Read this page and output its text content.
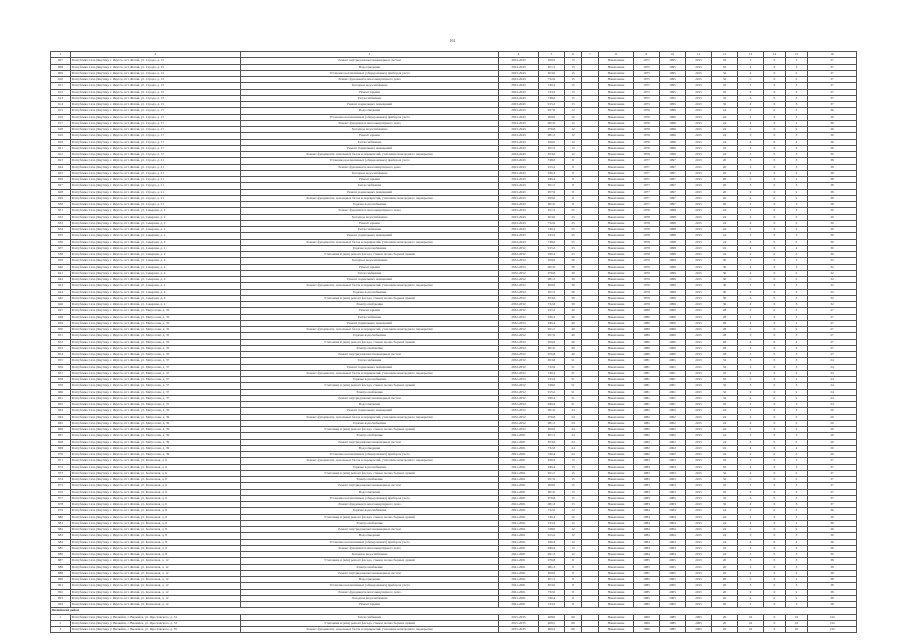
161
1	2	3	4	5	6	7	8	9	10	11	12	13	14	15	16
607	Республика Саха (Якутия), г. Якутск, пгт. Жатай, ул. Строда, д. 15	Ремонт внутридомовых инженерных систем	2023-2043	650,0	15		Накопление	1975	1995	2015	32	3	0	3	37
608	Республика Саха (Якутия), г. Якутск, пгт. Жатай, ул. Строда, д. 15	Водоотведение	2023-2043	651,5	15		Накопление	1975	1995	2015	32	2	0	3	37
609	Республика Саха (Якутия), г. Якутск, пгт. Жатай, ул. Строда, д. 15	Установка коллективных (общедомовых) приборов учета	2023-2043	653,0	15		Накопление	1975	1995	2015	32	4	0	2	37
610	Республика Саха (Якутия), г. Якутск, пгт. Жатай, ул. Строда, д. 15	Ремонт фундамента многоквартирного дома	2023-2043	732,6	15		Накопление	1975	1995	2015	32	5	0	2	37
611	Республика Саха (Якутия), г. Якутск, пгт. Жатай, ул. Строда, д. 15	Холодное водоснабжение	2023-2043	740,4	15		Накопление	1975	1995	2015	32	3	0	3	37
612	Республика Саха (Якутия), г. Якутск, пгт. Жатай, ул. Строда, д. 15	Ремонт крыши	2023-2043	743,2	15		Накопление	1975	1995	2015	32	6	0	2	37
613	Республика Саха (Якутия), г. Якутск, пгт. Жатай, ул. Строда, д. 15	Теплоснабжение	2023-2043	748,0	15		Накопление	1975	1995	2015	32	4	0	2	37
614	Республика Саха (Якутия), г. Якутск, пгт. Жатай, ул. Строда, д. 15	Ремонт подвальных помещений	2023-2043	915,2	15		Накопление	1975	1995	2015	32	2	0	3	37
615	Республика Саха (Якутия), г. Якутск, пгт. Жатай, ул. Строда, д. 17	Водоотведение	2023-2043	957,0	12		Накопление	1976	1996	2015	24	3	0	3	36
616	Республика Саха (Якутия), г. Якутск, пгт. Жатай, ул. Строда, д. 17	Установка коллективных (общедомовых) приборов учета	2023-2043	959,0	12		Накопление	1976	1996	2015	24	2	0	3	36
617	Республика Саха (Якутия), г. Якутск, пгт. Жатай, ул. Строда, д. 17	Ремонт фундамента многоквартирного дома	2023-2043	961,0	12		Накопление	1976	1996	2015	24	4	0	2	36
618	Республика Саха (Якутия), г. Якутск, пгт. Жатай, ул. Строда, д. 17	Холодное водоснабжение	2023-2043	976,8	12		Накопление	1976	1996	2015	24	5	0	2	36
619	Республика Саха (Якутия), г. Якутск, пгт. Жатай, ул. Строда, д. 17	Ремонт крыши	2023-2043	981,3	12		Накопление	1976	1996	2015	24	3	0	3	36
620	Республика Саха (Якутия), г. Якутск, пгт. Жатай, ул. Строда, д. 17	Теплоснабжение	2023-2043	650,0	12		Накопление	1976	1996	2015	24	6	0	2	36
621	Республика Саха (Якутия), г. Якутск, пгт. Жатай, ул. Строда, д. 17	Ремонт подвальных помещений	2023-2043	651,5	12		Накопление	1976	1996	2015	24	4	0	2	36
622	Республика Саха (Якутия), г. Якутск, пгт. Жатай, ул. Строда, д. 17	Ремонт фундамента, цокольных балок и перекрытий, утепление мансардного перекрытия	2023-2043	653,0	12		Накопление	1976	1996	2015	24	2	0	3	36
623	Республика Саха (Якутия), г. Якутск, пгт. Жатай, ул. Строда, д. 21	Установка коллективных (общедомовых) приборов учета	2023-2043	748,0	8		Накопление	1977	1997	2015	20	3	0	3	38
624	Республика Саха (Якутия), г. Якутск, пгт. Жатай, ул. Строда, д. 21	Ремонт фундамента многоквартирного дома	2023-2043	915,2	8		Накопление	1977	1997	2015	20	2	0	3	38
625	Республика Саха (Якутия), г. Якутск, пгт. Жатай, ул. Строда, д. 21	Холодное водоснабжение	2023-2043	936,3	8		Накопление	1977	1997	2015	20	4	0	2	38
626	Республика Саха (Якутия), г. Якутск, пгт. Жатай, ул. Строда, д. 21	Ремонт крыши	2023-2043	949,4	8		Накопление	1977	1997	2015	20	5	0	2	38
627	Республика Саха (Якутия), г. Якутск, пгт. Жатай, ул. Строда, д. 21	Теплоснабжение	2023-2043	951,5	8		Накопление	1977	1997	2015	20	3	0	3	38
628	Республика Саха (Якутия), г. Якутск, пгт. Жатай, ул. Строда, д. 21	Ремонт подвальных помещений	2023-2043	957,0	8		Накопление	1977	1997	2015	20	6	0	2	38
629	Республика Саха (Якутия), г. Якутск, пгт. Жатай, ул. Строда, д. 21	Ремонт фундамента, цокольных балок и перекрытий, утепление мансардного перекрытия	2023-2043	959,0	8		Накопление	1977	1997	2015	20	4	0	2	38
630	Республика Саха (Якутия), г. Якутск, пгт. Жатай, ул. Строда, д. 21	Горячее водоснабжение	2023-2043	961,0	8		Накопление	1977	1997	2015	20	2	0	3	38
631	Республика Саха (Якутия), г. Якутск, пгт. Жатай, ул. Северная, д. 2	Ремонт фундамента многоквартирного дома	2023-2043	651,5	25		Накопление	1978	1998	2015	24	3	0	3	30
632	Республика Саха (Якутия), г. Якутск, пгт. Жатай, ул. Северная, д. 2	Холодное водоснабжение	2023-2043	653,0	25		Накопление	1978	1998	2015	24	2	0	3	30
633	Республика Саха (Якутия), г. Якутск, пгт. Жатай, ул. Северная, д. 2	Ремонт крыши	2023-2043	732,6	25		Накопление	1978	1998	2015	24	4	0	2	30
634	Республика Саха (Якутия), г. Якутск, пгт. Жатай, ул. Северная, д. 2	Теплоснабжение	2023-2043	740,4	25		Накопление	1978	1998	2015	24	5	0	2	30
635	Республика Саха (Якутия), г. Якутск, пгт. Жатай, ул. Северная, д. 2	Ремонт подвальных помещений	2023-2043	743,2	25		Накопление	1978	1998	2015	24	3	0	3	30
636	Республика Саха (Якутия), г. Якутск, пгт. Жатай, ул. Северная, д. 2	Ремонт фундамента, цокольных балок и перекрытий, утепление мансардного перекрытия	2023-2043	748,0	25		Накопление	1978	1998	2015	24	6	0	2	30
637	Республика Саха (Якутия), г. Якутск, пгт. Жатай, ул. Северная, д. 2	Горячее водоснабжение	2032-2052	915,2	25		Накопление	1978	1998	2015	24	4	0	2	30
638	Республика Саха (Якутия), г. Якутск, пгт. Жатай, ул. Северная, д. 2	Утепление и (или) ремонт фасада, стыков полносборных зданий	2032-2052	936,3	25		Накопление	1978	1998	2015	24	2	0	3	30
639	Республика Саха (Якутия), г. Якутск, пгт. Жатай, ул. Северная, д. 4	Холодное водоснабжение	2032-2052	959,0	30		Накопление	1979	1999	2015	30	3	0	3	32
640	Республика Саха (Якутия), г. Якутск, пгт. Жатай, ул. Северная, д. 4	Ремонт крыши	2032-2052	961,0	30		Накопление	1979	1999	2015	30	2	0	3	32
641	Республика Саха (Якутия), г. Якутск, пгт. Жатай, ул. Северная, д. 4	Теплоснабжение	2032-2052	976,8	30		Накопление	1979	1999	2015	30	4	0	2	32
642	Республика Саха (Якутия), г. Якутск, пгт. Жатай, ул. Северная, д. 4	Ремонт подвальных помещений	2032-2052	981,3	30		Накопление	1979	1999	2015	30	5	0	2	32
643	Республика Саха (Якутия), г. Якутск, пгт. Жатай, ул. Северная, д. 4	Ремонт фундамента, цокольных балок и перекрытий, утепление мансардного перекрытия	2032-2052	650,0	30		Накопление	1979	1999	2015	30	3	0	3	32
644	Республика Саха (Якутия), г. Якутск, пгт. Жатай, ул. Северная, д. 4	Горячее водоснабжение	2032-2052	651,5	30		Накопление	1979	1999	2015	30	6	0	2	32
645	Республика Саха (Якутия), г. Якутск, пгт. Жатай, ул. Северная, д. 4	Утепление и (или) ремонт фасада, стыков полносборных зданий	2032-2052	653,0	30		Накопление	1979	1999	2015	30	4	0	2	32
646	Республика Саха (Якутия), г. Якутск, пгт. Жатай, ул. Северная, д. 4	Электроснабжение	2032-2052	732,6	30		Накопление	1979	1999	2015	30	2	0	3	32
647	Республика Саха (Якутия), г. Якутск, пгт. Жатай, ул. Матросова, д. 35	Ремонт крыши	2032-2052	915,2	40		Накопление	1980	2000	2015	28	3	0	3	27
648	Республика Саха (Якутия), г. Якутск, пгт. Жатай, ул. Матросова, д. 35	Теплоснабжение	2032-2052	936,3	40		Накопление	1980	2000	2015	28	2	0	3	27
649	Республика Саха (Якутия), г. Якутск, пгт. Жатай, ул. Матросова, д. 35	Ремонт подвальных помещений	2032-2052	949,4	40		Накопление	1980	2000	2015	28	4	0	2	27
650	Республика Саха (Якутия), г. Якутск, пгт. Жатай, ул. Матросова, д. 35	Ремонт фундамента, цокольных балок и перекрытий, утепление мансардного перекрытия	2032-2052	951,5	40		Накопление	1980	2000	2015	28	5	0	2	27
651	Республика Саха (Якутия), г. Якутск, пгт. Жатай, ул. Матросова, д. 35	Горячее водоснабжение	2032-2052	957,0	40		Накопление	1980	2000	2015	28	3	0	3	27
652	Республика Саха (Якутия), г. Якутск, пгт. Жатай, ул. Матросова, д. 35	Утепление и (или) ремонт фасада, стыков полносборных зданий	2032-2052	959,0	40		Накопление	1980	2000	2015	28	6	0	2	27
653	Республика Саха (Якутия), г. Якутск, пгт. Жатай, ул. Матросова, д. 35	Электроснабжение	2032-2052	961,0	40		Накопление	1980	2000	2015	28	4	0	2	27
654	Республика Саха (Якутия), г. Якутск, пгт. Жатай, ул. Матросова, д. 35	Ремонт внутридомовых инженерных систем	2032-2052	976,8	40		Накопление	1980	2000	2015	28	2	0	3	27
655	Республика Саха (Якутия), г. Якутск, пгт. Жатай, ул. Матросова, д. 37	Теплоснабжение	2032-2052	653,0	51		Накопление	1981	2001	2015	32	3	0	3	24
656	Республика Саха (Якутия), г. Якутск, пгт. Жатай, ул. Матросова, д. 37	Ремонт подвальных помещений	2032-2052	732,6	51		Накопление	1981	2001	2015	32	2	0	3	24
657	Республика Саха (Якутия), г. Якутск, пгт. Жатай, ул. Матросова, д. 37	Ремонт фундамента, цокольных балок и перекрытий, утепление мансардного перекрытия	2032-2052	740,4	51		Накопление	1981	2001	2015	32	4	0	2	24
658	Республика Саха (Якутия), г. Якутск, пгт. Жатай, ул. Матросова, д. 37	Горячее водоснабжение	2032-2052	743,2	51		Накопление	1981	2001	2015	32	5	0	2	24
659	Республика Саха (Якутия), г. Якутск, пгт. Жатай, ул. Матросова, д. 37	Утепление и (или) ремонт фасада, стыков полносборных зданий	2032-2052	748,0	51		Накопление	1981	2001	2015	32	3	0	3	24
660	Республика Саха (Якутия), г. Якутск, пгт. Жатай, ул. Матросова, д. 37	Электроснабжение	2032-2052	915,2	51		Накопление	1981	2001	2015	32	6	0	2	24
661	Республика Саха (Якутия), г. Якутск, пгт. Жатай, ул. Матросова, д. 37	Ремонт внутридомовых инженерных систем	2032-2052	936,3	51		Накопление	1981	2001	2015	32	4	0	2	24
662	Республика Саха (Якутия), г. Якутск, пгт. Жатай, ул. Матросова, д. 37	Водоотведение	2032-2052	949,4	51		Накопление	1981	2001	2015	32	2	0	3	24
663	Республика Саха (Якутия), г. Якутск, пгт. Жатай, ул. Матросова, д. 39	Ремонт подвальных помещений	2032-2052	961,0	24		Накопление	1982	2002	2015	24	3	0	3	20
664	Республика Саха (Якутия), г. Якутск, пгт. Жатай, ул. Матросова, д. 39	Ремонт фундамента, цокольных балок и перекрытий, утепление мансардного перекрытия	2032-2052	976,8	24		Накопление	1982	2002	2015	24	2	0	3	20
665	Республика Саха (Якутия), г. Якутск, пгт. Жатай, ул. Матросова, д. 39	Горячее водоснабжение	2032-2052	981,3	24		Накопление	1982	2002	2015	24	4	0	2	20
666	Республика Саха (Якутия), г. Якутск, пгт. Жатай, ул. Матросова, д. 39	Утепление и (или) ремонт фасада, стыков полносборных зданий	2032-2052	650,0	24		Накопление	1982	2002	2015	24	5	0	2	20
667	Республика Саха (Якутия), г. Якутск, пгт. Жатай, ул. Матросова, д. 39	Электроснабжение	2041-2061	651,5	24		Накопление	1982	2002	2015	24	3	0	3	20
668	Республика Саха (Якутия), г. Якутск, пгт. Жатай, ул. Матросова, д. 39	Ремонт внутридомовых инженерных систем	2041-2061	653,0	24		Накопление	1982	2002	2015	24	6	0	2	20
669	Республика Саха (Якутия), г. Якутск, пгт. Жатай, ул. Матросова, д. 39	Водоотведение	2041-2061	732,6	24		Накопление	1982	2002	2015	24	4	0	2	20
670	Республика Саха (Якутия), г. Якутск, пгт. Жатай, ул. Матросова, д. 39	Установка коллективных (общедомовых) приборов учета	2041-2061	740,4	24		Накопление	1982	2002	2015	24	2	0	3	20
671	Республика Саха (Якутия), г. Якутск, пгт. Жатай, ул. Колхозная, д. 6	Ремонт фундамента, цокольных балок и перекрытий, утепление мансардного перекрытия	2041-2061	936,3	15		Накопление	1983	2003	2015	32	3	0	3	37
672	Республика Саха (Якутия), г. Якутск, пгт. Жатай, ул. Колхозная, д. 6	Горячее водоснабжение	2041-2061	949,4	15		Накопление	1983	2003	2015	32	2	0	3	37
673	Республика Саха (Якутия), г. Якутск, пгт. Жатай, ул. Колхозная, д. 6	Утепление и (или) ремонт фасада, стыков полносборных зданий	2041-2061	951,5	15		Накопление	1983	2003	2015	32	4	0	2	37
674	Республика Саха (Якутия), г. Якутск, пгт. Жатай, ул. Колхозная, д. 6	Электроснабжение	2041-2061	957,0	15		Накопление	1983	2003	2015	32	5	0	2	37
675	Республика Саха (Якутия), г. Якутск, пгт. Жатай, ул. Колхозная, д. 6	Ремонт внутридомовых инженерных систем	2041-2061	959,0	15		Накопление	1983	2003	2015	32	3	0	3	37
676	Республика Саха (Якутия), г. Якутск, пгт. Жатай, ул. Колхозная, д. 6	Водоотведение	2041-2061	961,0	15		Накопление	1983	2003	2015	32	6	0	2	37
677	Республика Саха (Якутия), г. Якутск, пгт. Жатай, ул. Колхозная, д. 6	Установка коллективных (общедомовых) приборов учета	2041-2061	976,8	15		Накопление	1983	2003	2015	32	4	0	2	37
678	Республика Саха (Якутия), г. Якутск, пгт. Жатай, ул. Колхозная, д. 6	Ремонт фундамента многоквартирного дома	2041-2061	981,3	15		Накопление	1983	2003	2015	32	2	0	3	37
679	Республика Саха (Якутия), г. Якутск, пгт. Жатай, ул. Колхозная, д. 8	Горячее водоснабжение	2041-2061	732,6	12		Накопление	1984	2004	2015	24	3	0	3	36
680	Республика Саха (Якутия), г. Якутск, пгт. Жатай, ул. Колхозная, д. 8	Утепление и (или) ремонт фасада, стыков полносборных зданий	2041-2061	740,4	12		Накопление	1984	2004	2015	24	2	0	3	36
681	Республика Саха (Якутия), г. Якутск, пгт. Жатай, ул. Колхозная, д. 8	Электроснабжение	2041-2061	743,2	12		Накопление	1984	2004	2015	24	4	0	2	36
682	Республика Саха (Якутия), г. Якутск, пгт. Жатай, ул. Колхозная, д. 8	Ремонт внутридомовых инженерных систем	2041-2061	748,0	12		Накопление	1984	2004	2015	24	5	0	2	36
683	Республика Саха (Якутия), г. Якутск, пгт. Жатай, ул. Колхозная, д. 8	Водоотведение	2041-2061	915,2	12		Накопление	1984	2004	2015	24	3	0	3	36
684	Республика Саха (Якутия), г. Якутск, пгт. Жатай, ул. Колхозная, д. 8	Установка коллективных (общедомовых) приборов учета	2041-2061	936,3	12		Накопление	1984	2004	2015	24	6	0	2	36
685	Республика Саха (Якутия), г. Якутск, пгт. Жатай, ул. Колхозная, д. 8	Ремонт фундамента многоквартирного дома	2041-2061	949,4	12		Накопление	1984	2004	2015	24	4	0	2	36
686	Республика Саха (Якутия), г. Якутск, пгт. Жатай, ул. Колхозная, д. 8	Холодное водоснабжение	2041-2061	951,5	12		Накопление	1984	2004	2015	24	2	0	3	36
687	Республика Саха (Якутия), г. Якутск, пгт. Жатай, ул. Колхозная, д. 12	Утепление и (или) ремонт фасада, стыков полносборных зданий	2041-2061	976,8	8		Накопление	1985	2005	2015	20	3	0	3	38
688	Республика Саха (Якутия), г. Якутск, пгт. Жатай, ул. Колхозная, д. 12	Электроснабжение	2041-2061	981,3	8		Накопление	1985	2005	2015	20	2	0	3	38
689	Республика Саха (Якутия), г. Якутск, пгт. Жатай, ул. Колхозная, д. 12	Ремонт внутридомовых инженерных систем	2041-2061	650,0	8		Накопление	1985	2005	2015	20	4	0	2	38
690	Республика Саха (Якутия), г. Якутск, пгт. Жатай, ул. Колхозная, д. 12	Водоотведение	2041-2061	651,5	8		Накопление	1985	2005	2015	20	5	0	2	38
691	Республика Саха (Якутия), г. Якутск, пгт. Жатай, ул. Колхозная, д. 12	Установка коллективных (общедомовых) приборов учета	2041-2061	653,0	8		Накопление	1985	2005	2015	20	3	0	3	38
692	Республика Саха (Якутия), г. Якутск, пгт. Жатай, ул. Колхозная, д. 12	Ремонт фундамента многоквартирного дома	2041-2061	732,6	8		Накопление	1985	2005	2015	20	6	0	2	38
693	Республика Саха (Якутия), г. Якутск, пгт. Жатай, ул. Колхозная, д. 12	Холодное водоснабжение	2041-2061	740,4	8		Накопление	1985	2005	2015	20	4	0	2	38
694	Республика Саха (Якутия), г. Якутск, пгт. Жатай, ул. Колхозная, д. 12	Ремонт крыши	2041-2061	743,2	8		Накопление	1985	2005	2015	20	2	0	3	38
Вилюйский район															
1	Республика Саха (Якутия), у. Вилюйск, г. Вилюйск, ул. Ярославского, д. 31	Теплоснабжение	2015-2035	408,0	60		Накопление	1960	1985	2005	20	16	0	10	134
2	Республика Саха (Якутия), у. Вилюйск, г. Вилюйск, ул. Ярославского, д. 33	Утепление и (или) ремонт фасада, стыков полносборных зданий	2015-2035	408,5	60		Накопление	1960	1985	2005	20	16	0	10	134
3	Республика Саха (Якутия), у. Вилюйск, г. Вилюйск, ул. Ярославского, д. 35	Ремонт фундамента, цокольных балок и перекрытий, утепление мансардного перекрытия	2015-2035	409,2	60		Накопление	1960	1985	2005	20	16	0	10	134
